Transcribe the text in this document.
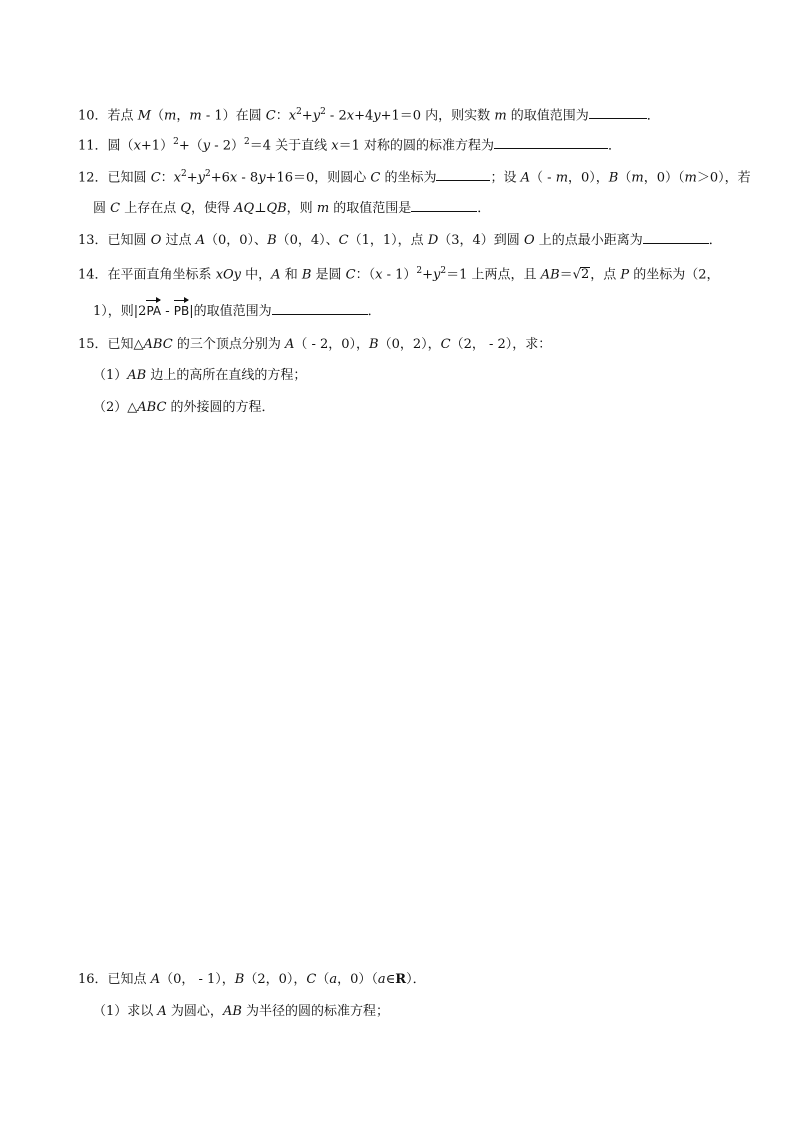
10．若点 M（m，m - 1）在圆 C：$x^2+y^2 - 2x+4y+1=0$ 内，则实数 m 的取值范围为	．
11．圆$(x+1)^2+(y - 2)^2=4$ 关于直线 x＝1 对称的圆的标准方程为	．
12．已知圆 C：$x^2+y^2+6x - 8y+16=0$，则圆心 C 的坐标为	；设 A（ - m，0），B（m，0）（m＞0），若
圆 C 上存在点 Q，使得 AQ⊥QB，则 m 的取值范围是	．
13．已知圆 O 过点 A（0，0）、B（0，4）、C（1，1），点 D（3，4）到圆 O 上的点最小距离为	．
14．在平面直角坐标系 xOy 中，A 和 B 是圆 C：$(x - 1)^2+y^2=1$ 上两点，且 AB＝√2，点 P 的坐标为（2，
1），则|2PA - PB|的取值范围为	．
15．已知△ABC 的三个顶点分别为 A（ - 2，0），B（0，2），C（2， - 2），求：
（1）AB 边上的高所在直线的方程；
（2）△ABC 的外接圆的方程．
16．已知点 A（0， - 1），B（2，0），C（a，0）（a∈R）．
（1）求以 A 为圆心，AB 为半径的圆的标准方程；
